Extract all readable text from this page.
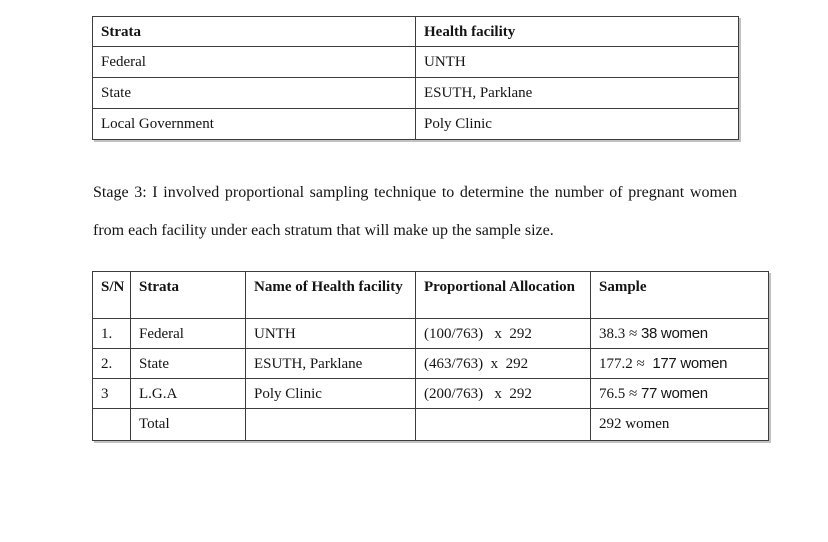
Strata	Health facility
Federal	UNTH
State	ESUTH, Parklane
Local Government	Poly Clinic

Stage 3: I involved proportional sampling technique to determine the number of pregnant women
from each facility under each stratum that will make up the sample size.

S/N	Strata	Name of Health facility	Proportional Allocation	Sample
1.	Federal	UNTH	(100/763)   x  292	38.3 ≈ 38 women
2.	State	ESUTH, Parklane	(463/763)  x  292	177.2 ≈  177 women
3	L.G.A	Poly Clinic	(200/763)   x  292	76.5 ≈ 77 women
	Total			292 women
